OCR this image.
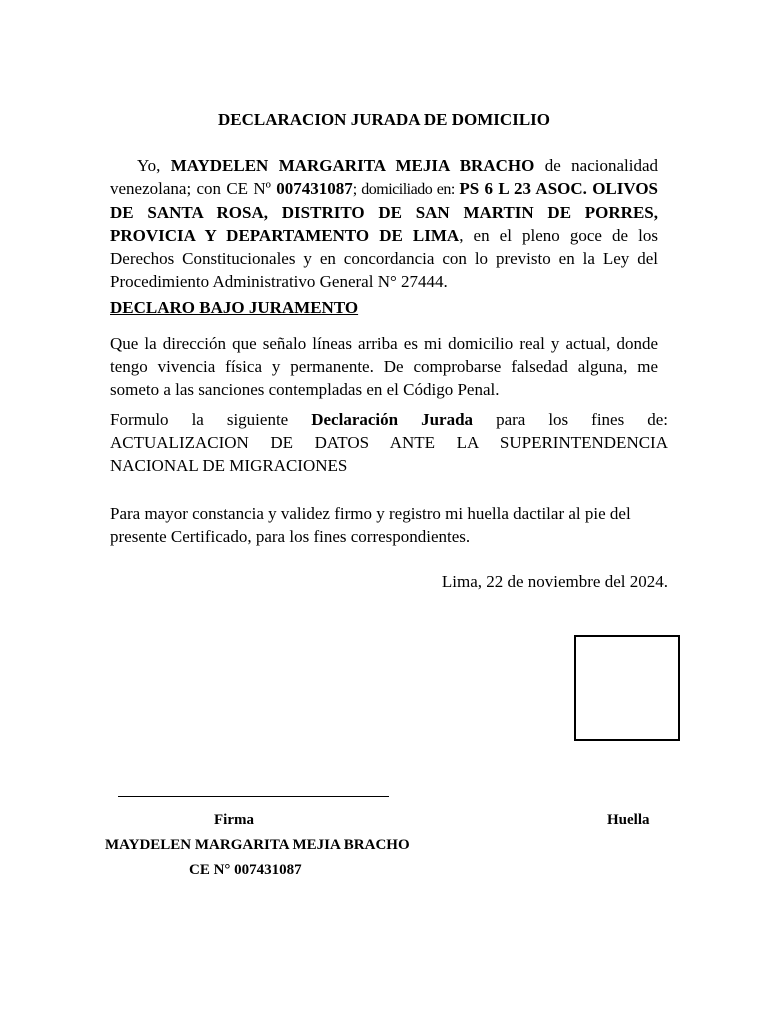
DECLARACION JURADA DE DOMICILIO
Yo, MAYDELEN MARGARITA MEJIA BRACHO de nacionalidad venezolana; con CE Nº 007431087; domiciliado en: PS 6 L 23 ASOC. OLIVOS DE SANTA ROSA, DISTRITO DE SAN MARTIN DE PORRES, PROVICIA Y DEPARTAMENTO DE LIMA, en el pleno goce de los Derechos Constitucionales y en concordancia con lo previsto en la Ley del Procedimiento Administrativo General N° 27444.
DECLARO BAJO JURAMENTO
Que la dirección que señalo líneas arriba es mi domicilio real y actual, donde tengo vivencia física y permanente. De comprobarse falsedad alguna, me someto a las sanciones contempladas en el Código Penal.
Formulo la siguiente Declaración Jurada para los fines de:
ACTUALIZACION DE DATOS ANTE LA SUPERINTENDENCIA
NACIONAL DE MIGRACIONES
Para mayor constancia y validez firmo y registro mi huella dactilar al pie del presente Certificado, para los fines correspondientes.
Lima, 22 de noviembre del 2024.
Firma	Huella
MAYDELEN MARGARITA MEJIA BRACHO
CE N° 007431087
